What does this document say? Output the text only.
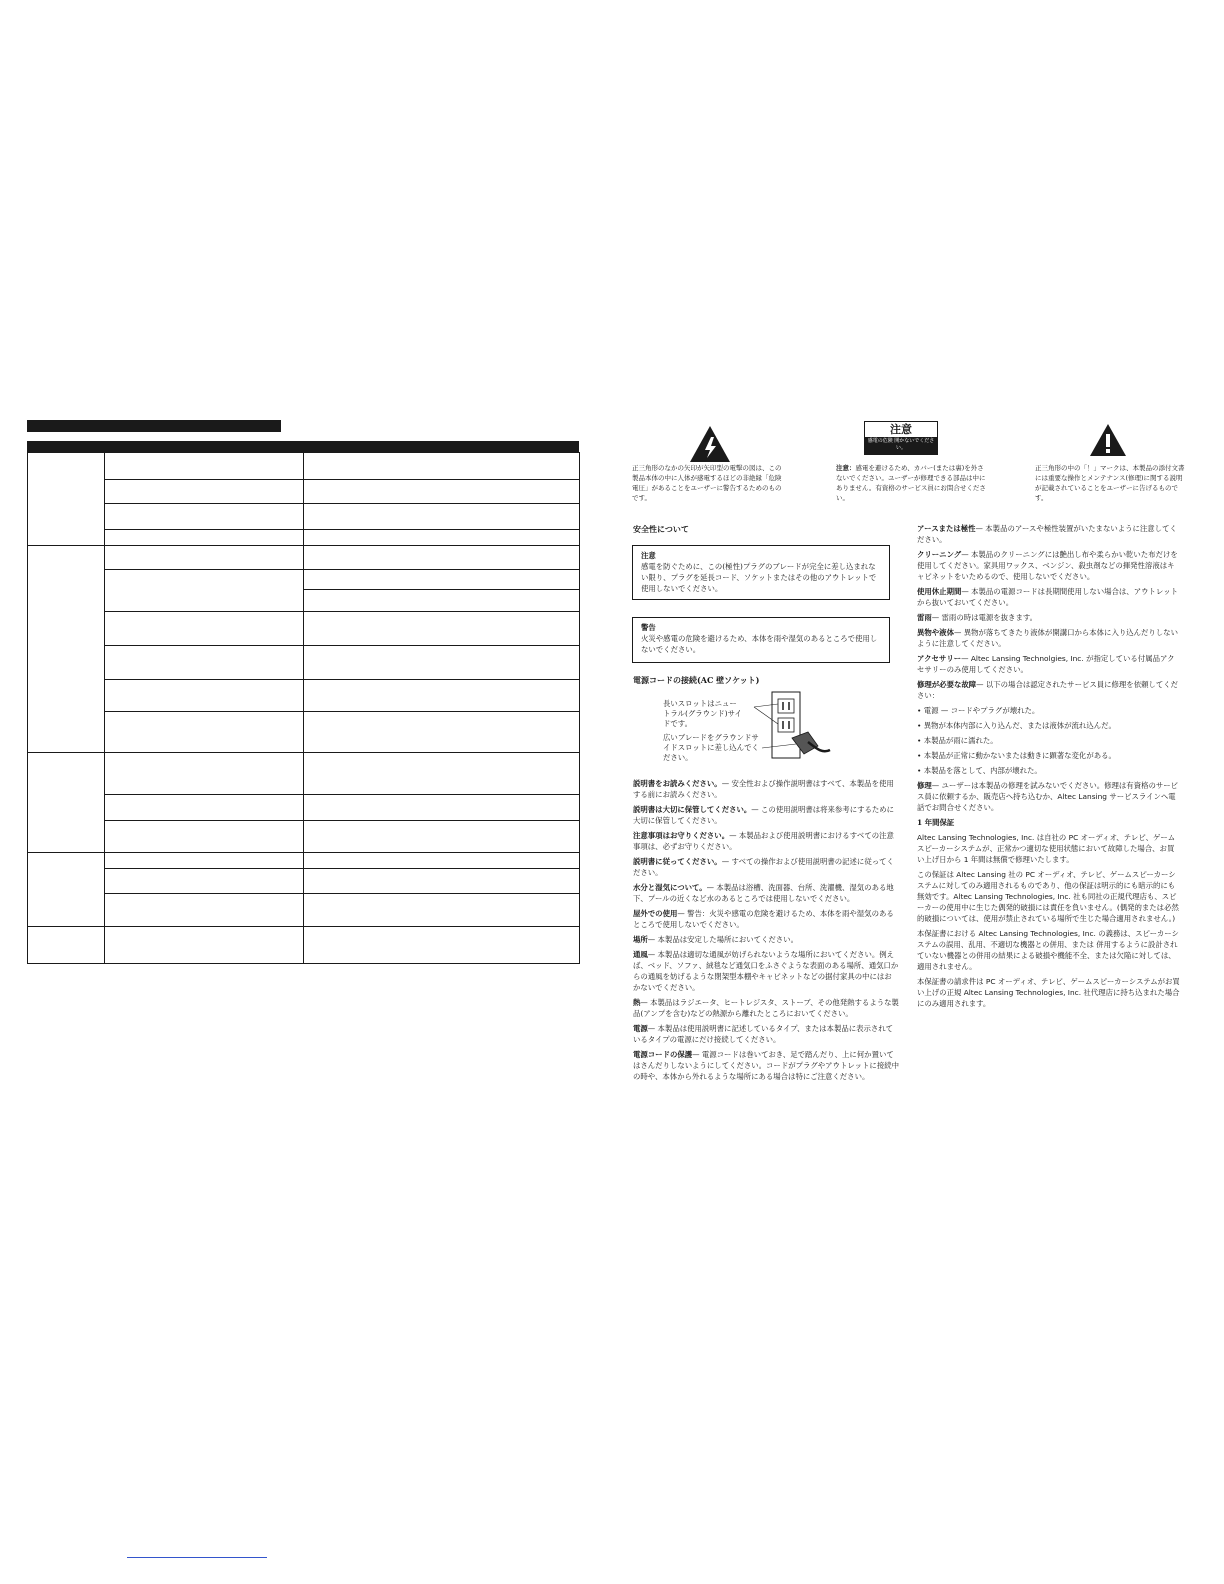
正三角形のなかの矢印が矢印型の電撃の図は、この製品本体の中に人体が感電するほどの非絶縁「危険電圧」があることをユーザーに警告するためのものです。
注意
感電の危険 開かないでください。
注意：感電を避けるため、カバー(または裏)を外さないでください。ユーザーが修理できる部品は中にありません。有資格のサービス員にお問合せください。
正三角形の中の「！」マークは、本製品の添付文書には重要な操作とメンテナンス(修理)に関する説明が記載されていることをユーザーに告げるものです。
安全性について
注意
感電を防ぐために、この(極性)プラグのブレードが完全に差し込まれない限り、プラグを延長コード、ソケットまたはその他のアウトレットで使用しないでください。
警告
火災や感電の危険を避けるため、本体を雨や湿気のあるところで使用しないでください。
電源コードの接続(AC 壁ソケット)
長いスロットはニュートラル(グラウンド)サイドです。
広いブレードをグラウンドサイドスロットに差し込んでください。

説明書をお読みください。— 安全性および操作説明書はすべて、本製品を使用する前にお読みください。

説明書は大切に保管してください。— この使用説明書は将来参考にするために大切に保管してください。

注意事項はお守りください。— 本製品および使用説明書におけるすべての注意事項は、必ずお守りください。

説明書に従ってください。— すべての操作および使用説明書の記述に従ってください。

水分と湿気について。— 本製品は浴槽、洗面器、台所、洗濯機、湿気のある地下、プールの近くなど水のあるところでは使用しないでください。

屋外での使用— 警告：火災や感電の危険を避けるため、本体を雨や湿気のあるところで使用しないでください。

場所— 本製品は安定した場所においてください。

通風— 本製品は適切な通風が妨げられないような場所においてください。例えば、ベッド、ソファ、絨毯など通気口をふさぐような表面のある場所、通気口からの通風を妨げるような閉架型本棚やキャビネットなどの据付家具の中にはおかないでください。

熱— 本製品はラジエータ、ヒートレジスタ、ストーブ、その他発熱するような製品(アンプを含む)などの熱源から離れたところにおいてください。

電源— 本製品は使用説明書に記述しているタイプ、または本製品に表示されているタイプの電源にだけ接続してください。

電源コードの保護— 電源コードは巻いておき、足で踏んだり、上に何か置いてはさんだりしないようにしてください。コードがプラグやアウトレットに接続中の時や、本体から外れるような場所にある場合は特にご注意ください。

アースまたは極性— 本製品のアースや極性装置がいたまないように注意してください。

クリーニング— 本製品のクリーニングには艶出し布や柔らかい乾いた布だけを使用してください。家具用ワックス、ベンジン、殺虫剤などの揮発性溶液はキャビネットをいためるので、使用しないでください。

使用休止期間— 本製品の電源コードは長期間使用しない場合は、アウトレットから抜いておいてください。

雷雨— 雷雨の時は電源を抜きます。

異物や液体— 異物が落ちてきたり液体が開講口から本体に入り込んだりしないように注意してください。

アクセサリー— Altec Lansing Technolgies, Inc. が指定している付属品アクセサリーのみ使用してください。

修理が必要な故障— 以下の場合は認定されたサービス員に修理を依頼してください：

• 電源 — コードやプラグが壊れた。

• 異物が本体内部に入り込んだ、または液体が流れ込んだ。

• 本製品が雨に濡れた。

• 本製品が正常に動かないまたは動きに顕著な変化がある。

• 本製品を落として、内部が壊れた。

修理— ユーザーは本製品の修理を試みないでください。修理は有資格のサービス員に依頼するか、販売店へ持ち込むか、Altec Lansing サービスラインへ電話でお問合せください。

1 年間保証

Altec Lansing Technologies, Inc. は自社の PC オーディオ、テレビ、ゲームスピーカーシステムが、正常かつ適切な使用状態において故障した場合、お買い上げ日から 1 年間は無償で修理いたします。

この保証は Altec Lansing 社の PC オーディオ、テレビ、ゲームスピーカーシステムに対してのみ適用されるものであり、他の保証は明示的にも暗示的にも無効です。Altec Lansing Technologies, Inc. 社も同社の正規代理店も、スピーカーの使用中に生じた偶発的破損には責任を負いません。(偶発的または必然的破損については、使用が禁止されている場所で生じた場合適用されません。)

本保証書における Altec Lansing Technologies, Inc. の義務は、スピーカーシステムの誤用、乱用、不適切な機器との併用、または 併用するように設計されていない機器との併用の結果による破損や機能不全、または欠陥に対しては、適用されません。

本保証書の請求件は PC オーディオ、テレビ、ゲームスピーカーシステムがお買い上げの正規 Altec Lansing Technologies, Inc. 社代理店に持ち込まれた場合にのみ適用されます。
